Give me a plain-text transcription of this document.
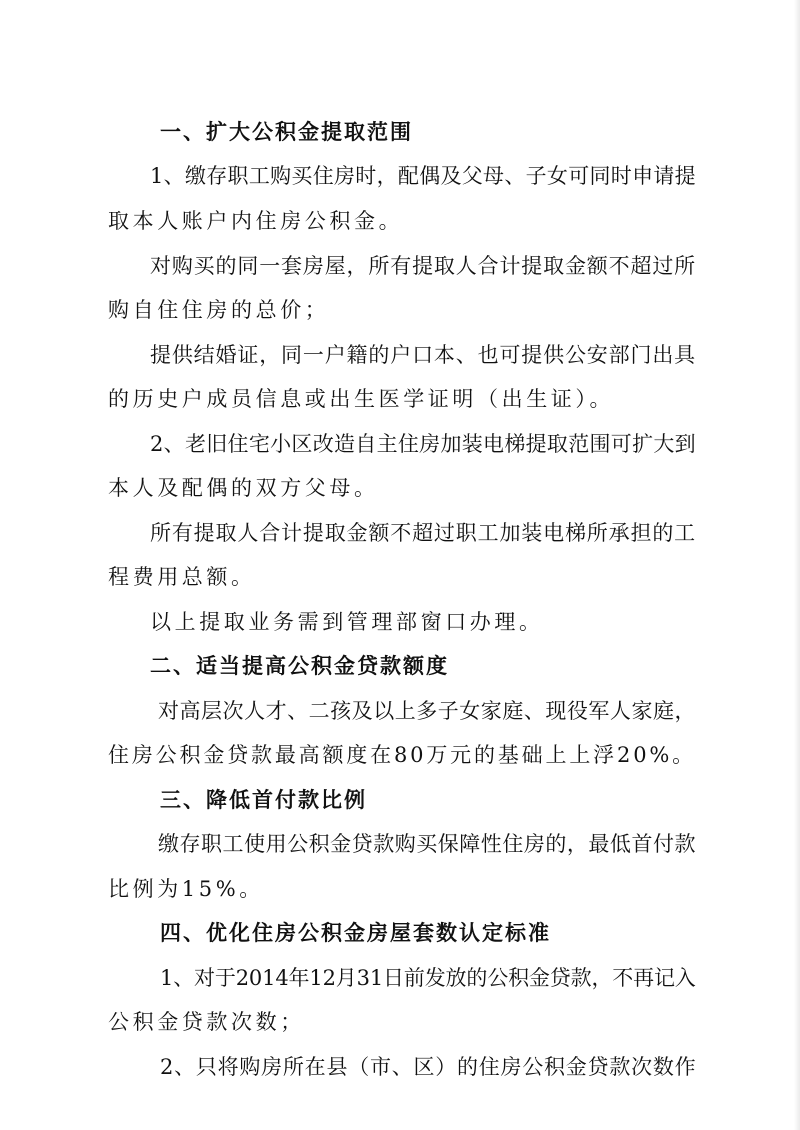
一、扩大公积金提取范围
1、缴存职工购买住房时，配偶及父母、子女可同时申请提
取本人账户内住房公积金。
对购买的同一套房屋，所有提取人合计提取金额不超过所
购自住住房的总价；
提供结婚证，同一户籍的户口本、也可提供公安部门出具
的历史户成员信息或出生医学证明（出生证）。
2、老旧住宅小区改造自主住房加装电梯提取范围可扩大到
本人及配偶的双方父母。
所有提取人合计提取金额不超过职工加装电梯所承担的工
程费用总额。
以上提取业务需到管理部窗口办理。
二、适当提高公积金贷款额度
对高层次人才、二孩及以上多子女家庭、现役军人家庭，
住房公积金贷款最高额度在80万元的基础上上浮20%。
三、降低首付款比例
缴存职工使用公积金贷款购买保障性住房的，最低首付款
比例为15%。
四、优化住房公积金房屋套数认定标准
1、对于2014年12月31日前发放的公积金贷款，不再记入
公积金贷款次数；
2、只将购房所在县（市、区）的住房公积金贷款次数作
